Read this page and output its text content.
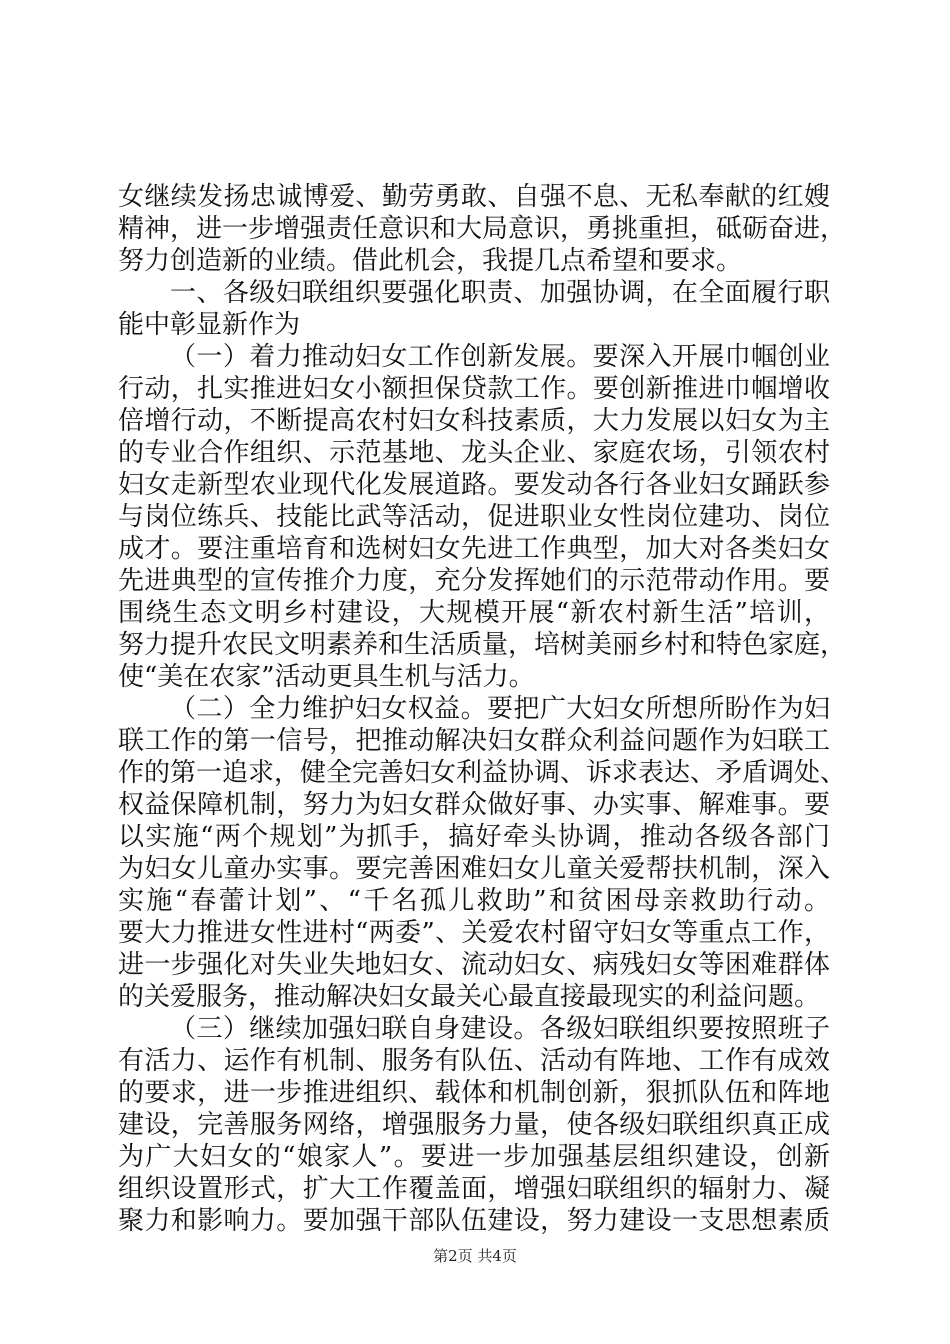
女继续发扬忠诚博爱、勤劳勇敢、自强不息、无私奉献的红嫂
精神，进一步增强责任意识和大局意识，勇挑重担，砥砺奋进，
努力创造新的业绩。借此机会，我提几点希望和要求。
一、各级妇联组织要强化职责、加强协调，在全面履行职
能中彰显新作为
（一）着力推动妇女工作创新发展。要深入开展巾帼创业
行动，扎实推进妇女小额担保贷款工作。要创新推进巾帼增收
倍增行动，不断提高农村妇女科技素质，大力发展以妇女为主
的专业合作组织、示范基地、龙头企业、家庭农场，引领农村
妇女走新型农业现代化发展道路。要发动各行各业妇女踊跃参
与岗位练兵、技能比武等活动，促进职业女性岗位建功、岗位
成才。要注重培育和选树妇女先进工作典型，加大对各类妇女
先进典型的宣传推介力度，充分发挥她们的示范带动作用。要
围绕生态文明乡村建设，大规模开展“新农村新生活”培训，
努力提升农民文明素养和生活质量，培树美丽乡村和特色家庭，
使“美在农家”活动更具生机与活力。
（二）全力维护妇女权益。要把广大妇女所想所盼作为妇
联工作的第一信号，把推动解决妇女群众利益问题作为妇联工
作的第一追求，健全完善妇女利益协调、诉求表达、矛盾调处、
权益保障机制，努力为妇女群众做好事、办实事、解难事。要
以实施“两个规划”为抓手，搞好牵头协调，推动各级各部门
为妇女儿童办实事。要完善困难妇女儿童关爱帮扶机制，深入
实施“春蕾计划”、“千名孤儿救助”和贫困母亲救助行动。
要大力推进女性进村“两委”、关爱农村留守妇女等重点工作，
进一步强化对失业失地妇女、流动妇女、病残妇女等困难群体
的关爱服务，推动解决妇女最关心最直接最现实的利益问题。
（三）继续加强妇联自身建设。各级妇联组织要按照班子
有活力、运作有机制、服务有队伍、活动有阵地、工作有成效
的要求，进一步推进组织、载体和机制创新，狠抓队伍和阵地
建设，完善服务网络，增强服务力量，使各级妇联组织真正成
为广大妇女的“娘家人”。要进一步加强基层组织建设，创新
组织设置形式，扩大工作覆盖面，增强妇联组织的辐射力、凝
聚力和影响力。要加强干部队伍建设，努力建设一支思想素质
第2页 共4页
